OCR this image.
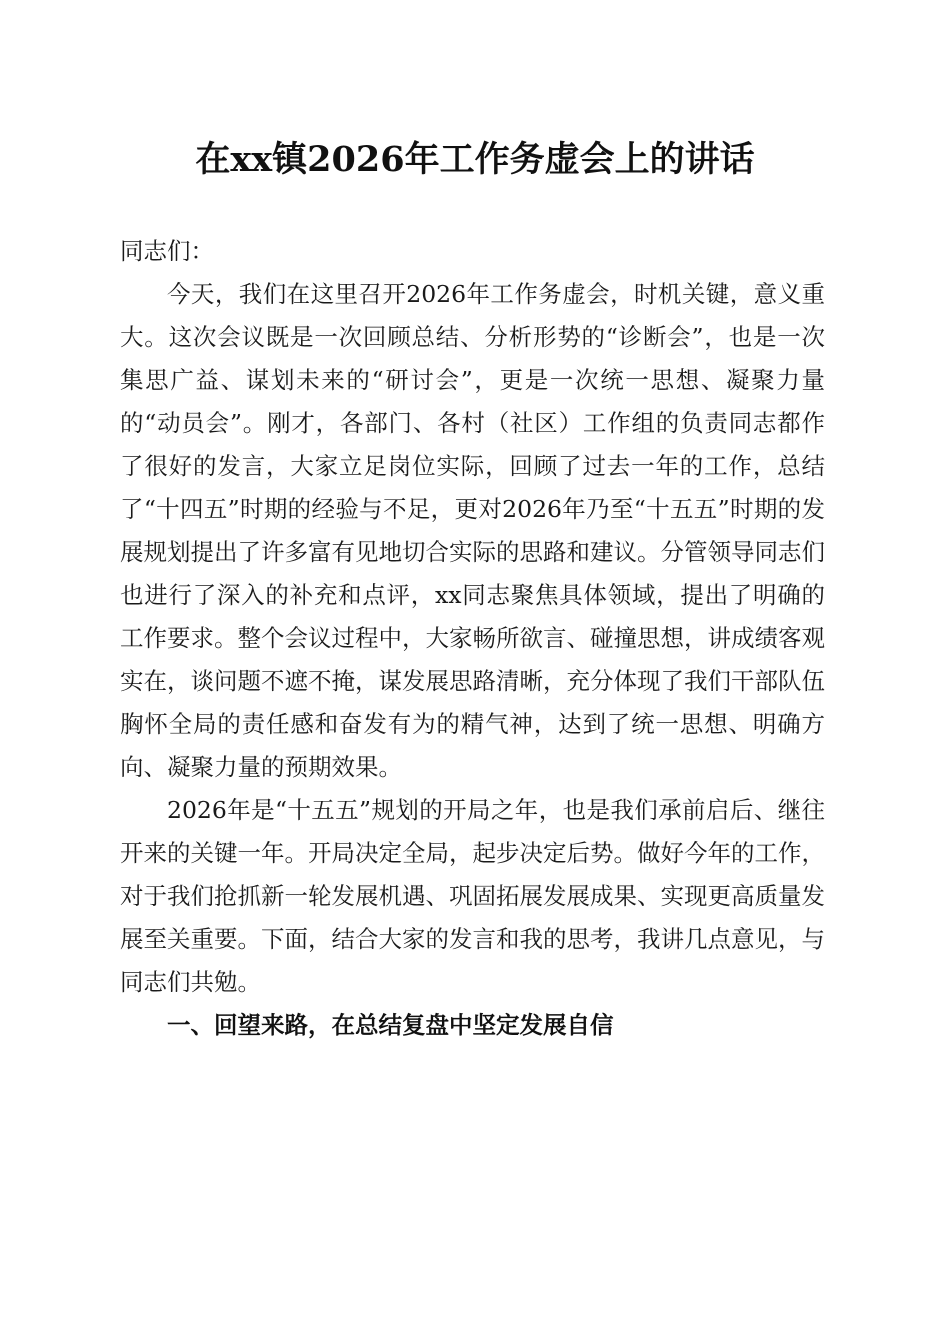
在xx镇2026年工作务虚会上的讲话

同志们：

今天，我们在这里召开2026年工作务虚会，时机关键，意义重大。这次会议既是一次回顾总结、分析形势的“诊断会”，也是一次集思广益、谋划未来的“研讨会”，更是一次统一思想、凝聚力量的“动员会”。刚才，各部门、各村（社区）工作组的负责同志都作了很好的发言，大家立足岗位实际，回顾了过去一年的工作，总结了“十四五”时期的经验与不足，更对2026年乃至“十五五”时期的发展规划提出了许多富有见地切合实际的思路和建议。分管领导同志们也进行了深入的补充和点评，xx同志聚焦具体领域，提出了明确的工作要求。整个会议过程中，大家畅所欲言、碰撞思想，讲成绩客观实在，谈问题不遮不掩，谋发展思路清晰，充分体现了我们干部队伍胸怀全局的责任感和奋发有为的精气神，达到了统一思想、明确方向、凝聚力量的预期效果。

2026年是“十五五”规划的开局之年，也是我们承前启后、继往开来的关键一年。开局决定全局，起步决定后势。做好今年的工作，对于我们抢抓新一轮发展机遇、巩固拓展发展成果、实现更高质量发展至关重要。下面，结合大家的发言和我的思考，我讲几点意见，与同志们共勉。

一、回望来路，在总结复盘中坚定发展自信
